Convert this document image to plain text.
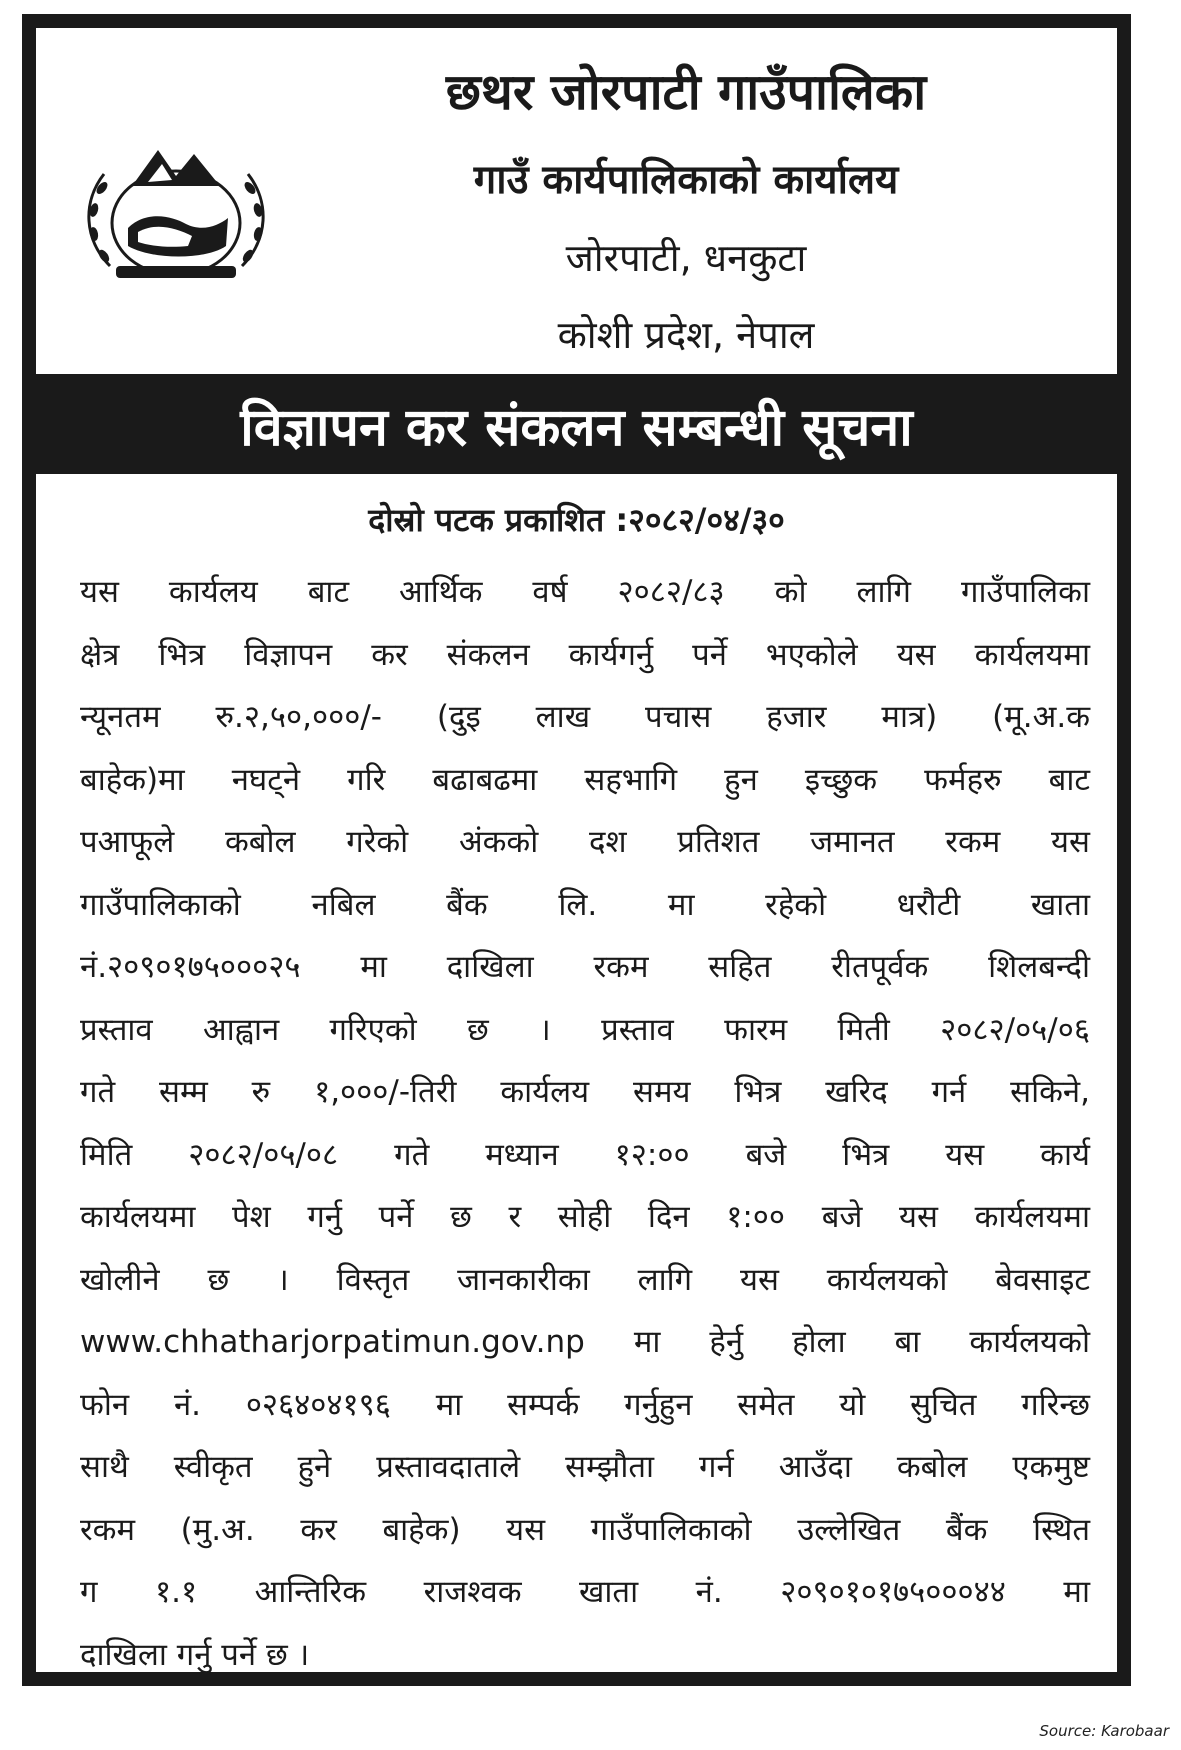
छथर जोरपाटी गाउँपालिका
गाउँ कार्यपालिकाको कार्यालय
जोरपाटी, धनकुटा
कोशी प्रदेश, नेपाल
विज्ञापन कर संकलन सम्बन्धी सूचना
दोस्रो पटक प्रकाशित :२०८२/०४/३०
यस कार्यलय बाट आर्थिक वर्ष २०८२/८३ को लागि गाउँपालिका
क्षेत्र भित्र विज्ञापन कर संकलन कार्यगर्नु पर्ने भएकोले यस कार्यलयमा
न्यूनतम रु.२,५०,०००/- (दुइ लाख पचास हजार मात्र) (मू.अ.क
बाहेक)मा नघट्ने गरि बढाबढमा सहभागि हुन इच्छुक फर्महरु बाट
पआफूले कबोल गरेको अंकको दश प्रतिशत जमानत रकम यस
गाउँपालिकाको नबिल बैंक लि. मा रहेको धरौटी खाता
नं.२०९०१७५०००२५ मा दाखिला रकम सहित रीतपूर्वक शिलबन्दी
प्रस्ताव आह्वान गरिएको छ । प्रस्ताव फारम मिती २०८२/०५/०६
गते सम्म रु १,०००/-तिरी कार्यलय समय भित्र खरिद गर्न सकिने,
मिति २०८२/०५/०८ गते मध्यान १२:०० बजे भित्र यस कार्य
कार्यलयमा पेश गर्नु पर्ने छ र सोही दिन १:०० बजे यस कार्यलयमा
खोलीने छ । विस्तृत जानकारीका लागि यस कार्यलयको बेवसाइट
www.chhatharjorpatimun.gov.np मा हेर्नु होला बा कार्यलयको
फोन नं. ०२६४०४१९६ मा सम्पर्क गर्नुहुन समेत यो सुचित गरिन्छ
साथै स्वीकृत हुने प्रस्तावदाताले सम्झौता गर्न आउँदा कबोल एकमुष्ट
रकम (मु.अ. कर बाहेक) यस गाउँपालिकाको उल्लेखित बैंक स्थित
ग १.१ आन्तिरिक राजश्वक खाता नं. २०९०१०१७५०००४४ मा
दाखिला गर्नु पर्ने छ ।
Source: Karobaar
